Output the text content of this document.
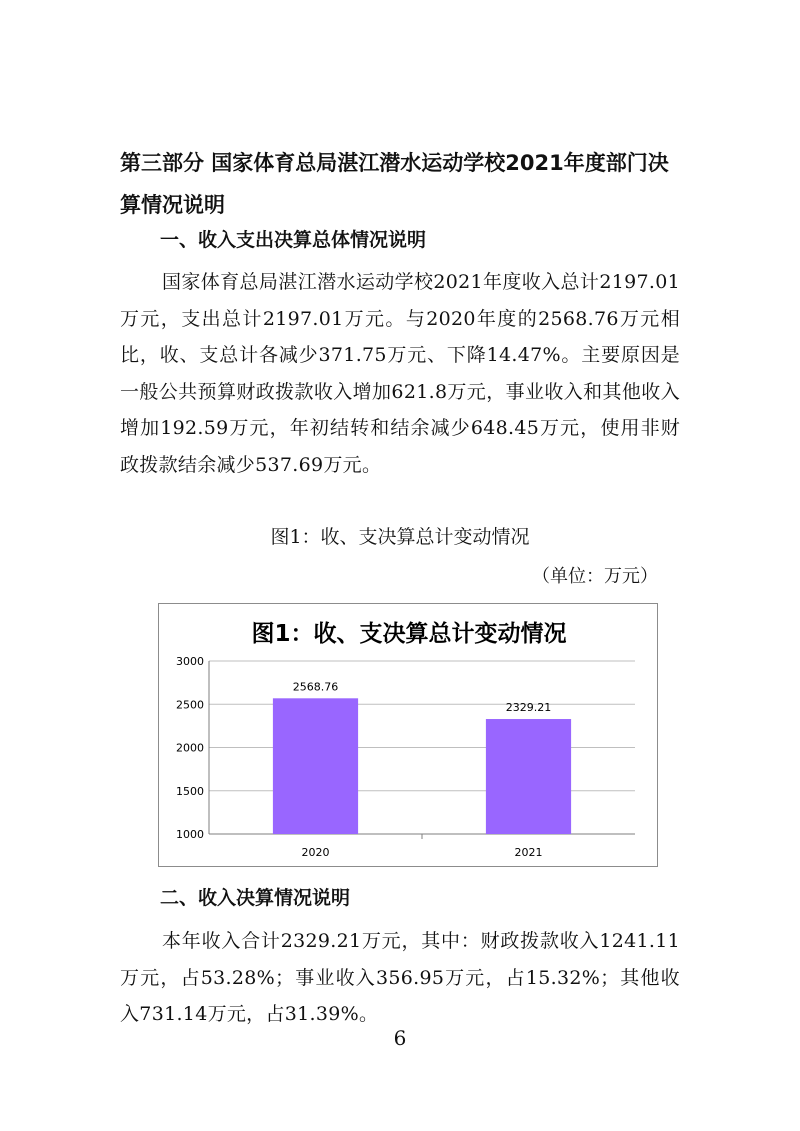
第三部分 国家体育总局湛江潜水运动学校2021年度部门决算情况说明
一、收入支出决算总体情况说明

国家体育总局湛江潜水运动学校2021年度收入总计2197.01万元，支出总计2197.01万元。与2020年度的2568.76万元相比，收、支总计各减少371.75万元、下降14.47%。主要原因是一般公共预算财政拨款收入增加621.8万元，事业收入和其他收入增加192.59万元，年初结转和结余减少648.45万元，使用非财政拨款结余减少537.69万元。

图1：收、支决算总计变动情况

（单位：万元）

图1：收、支决算总计变动情况
1000
1500
2000
2500
3000
2020	2021
2568.76
2329.21
二、收入决算情况说明

本年收入合计2329.21万元，其中：财政拨款收入1241.11万元，占53.28%；事业收入356.95万元，占15.32%；其他收入731.14万元，占31.39%。

6
